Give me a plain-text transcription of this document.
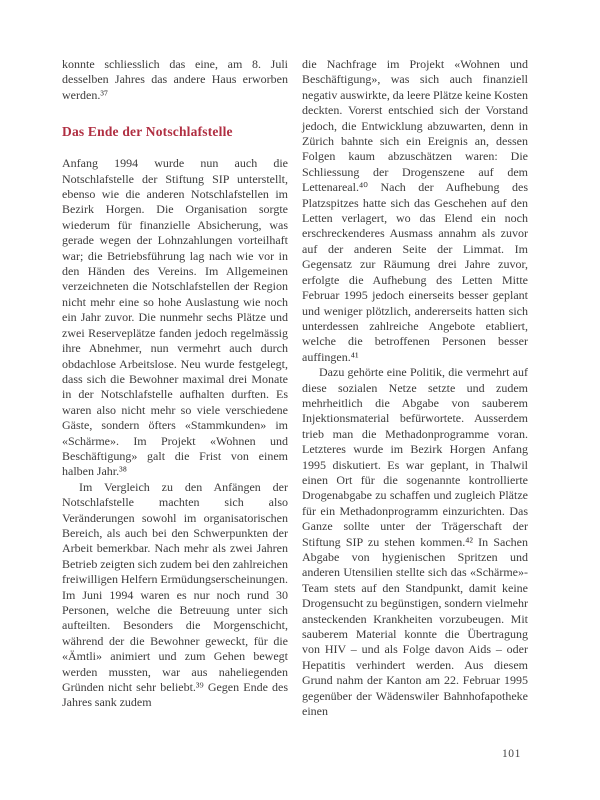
konnte schliesslich das eine, am 8. Juli desselben Jahres das andere Haus erworben werden.³⁷

Das Ende der Notschlafstelle

Anfang 1994 wurde nun auch die Notschlafstelle der Stiftung SIP unterstellt, ebenso wie die anderen Notschlafstellen im Bezirk Horgen. Die Organisation sorgte wiederum für finanzielle Absicherung, was gerade wegen der Lohnzahlungen vorteilhaft war; die Betriebsführung lag nach wie vor in den Händen des Vereins. Im Allgemeinen verzeichneten die Notschlafstellen der Region nicht mehr eine so hohe Auslastung wie noch ein Jahr zuvor. Die nunmehr sechs Plätze und zwei Reserveplätze fanden jedoch regelmässig ihre Abnehmer, nun vermehrt auch durch obdachlose Arbeitslose. Neu wurde festgelegt, dass sich die Bewohner maximal drei Monate in der Notschlafstelle aufhalten durften. Es waren also nicht mehr so viele verschiedene Gäste, sondern öfters «Stammkunden» im «Schärme». Im Projekt «Wohnen und Beschäftigung» galt die Frist von einem halben Jahr.³⁸

Im Vergleich zu den Anfängen der Notschlafstelle machten sich also Veränderungen sowohl im organisatorischen Bereich, als auch bei den Schwerpunkten der Arbeit bemerkbar. Nach mehr als zwei Jahren Betrieb zeigten sich zudem bei den zahlreichen freiwilligen Helfern Ermüdungserscheinungen. Im Juni 1994 waren es nur noch rund 30 Personen, welche die Betreuung unter sich aufteilten. Besonders die Morgenschicht, während der die Bewohner geweckt, für die «Ämtli» animiert und zum Gehen bewegt werden mussten, war aus naheliegenden Gründen nicht sehr beliebt.³⁹ Gegen Ende des Jahres sank zudem

die Nachfrage im Projekt «Wohnen und Beschäftigung», was sich auch finanziell negativ auswirkte, da leere Plätze keine Kosten deckten. Vorerst entschied sich der Vorstand jedoch, die Entwicklung abzuwarten, denn in Zürich bahnte sich ein Ereignis an, dessen Folgen kaum abzuschätzen waren: Die Schliessung der Drogenszene auf dem Lettenareal.⁴⁰ Nach der Aufhebung des Platzspitzes hatte sich das Geschehen auf den Letten verlagert, wo das Elend ein noch erschreckenderes Ausmass annahm als zuvor auf der anderen Seite der Limmat. Im Gegensatz zur Räumung drei Jahre zuvor, erfolgte die Aufhebung des Letten Mitte Februar 1995 jedoch einerseits besser geplant und weniger plötzlich, andererseits hatten sich unterdessen zahlreiche Angebote etabliert, welche die betroffenen Personen besser auffingen.⁴¹

Dazu gehörte eine Politik, die vermehrt auf diese sozialen Netze setzte und zudem mehrheitlich die Abgabe von sauberem Injektionsmaterial befürwortete. Ausserdem trieb man die Methadonprogramme voran. Letzteres wurde im Bezirk Horgen Anfang 1995 diskutiert. Es war geplant, in Thalwil einen Ort für die sogenannte kontrollierte Drogenabgabe zu schaffen und zugleich Plätze für ein Methadonprogramm einzurichten. Das Ganze sollte unter der Trägerschaft der Stiftung SIP zu stehen kommen.⁴² In Sachen Abgabe von hygienischen Spritzen und anderen Utensilien stellte sich das «Schärme»-Team stets auf den Standpunkt, damit keine Drogensucht zu begünstigen, sondern vielmehr ansteckenden Krankheiten vorzubeugen. Mit sauberem Material konnte die Übertragung von HIV – und als Folge davon Aids – oder Hepatitis verhindert werden. Aus diesem Grund nahm der Kanton am 22. Februar 1995 gegenüber der Wädenswiler Bahnhofapotheke einen

101
